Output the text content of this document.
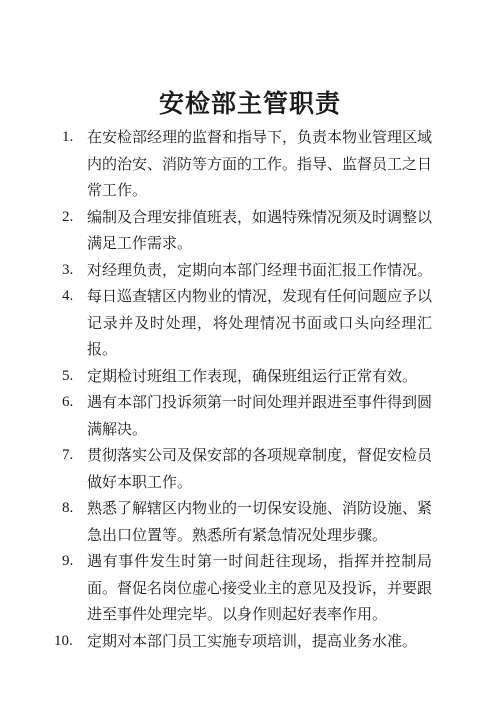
安检部主管职责
1. 在安检部经理的监督和指导下，负责本物业管理区域内的治安、消防等方面的工作。指导、监督员工之日常工作。
2. 编制及合理安排值班表，如遇特殊情况须及时调整以满足工作需求。
3. 对经理负责，定期向本部门经理书面汇报工作情况。
4. 每日巡查辖区内物业的情况，发现有任何问题应予以记录并及时处理，将处理情况书面或口头向经理汇报。
5. 定期检讨班组工作表现，确保班组运行正常有效。
6. 遇有本部门投诉须第一时间处理并跟进至事件得到圆满解决。
7. 贯彻落实公司及保安部的各项规章制度，督促安检员做好本职工作。
8. 熟悉了解辖区内物业的一切保安设施、消防设施、紧急出口位置等。熟悉所有紧急情况处理步骤。
9. 遇有事件发生时第一时间赶往现场，指挥并控制局面。督促名岗位虚心接受业主的意见及投诉，并要跟进至事件处理完毕。以身作则起好表率作用。
10. 定期对本部门员工实施专项培训，提高业务水准。
